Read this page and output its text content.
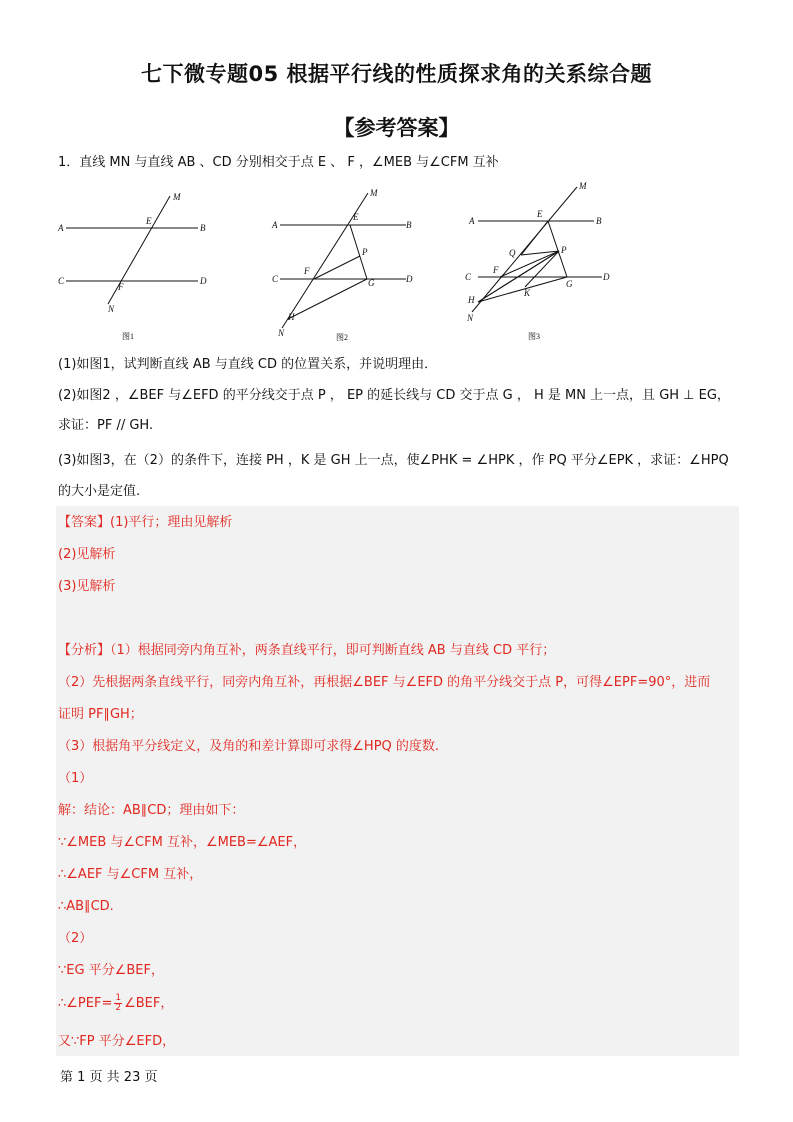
七下微专题05 根据平行线的性质探求角的关系综合题
【参考答案】
1．直线 MN 与直线 AB 、CD 分别相交于点 E 、 F ，∠MEB 与∠CFM 互补
A	B
C	D
E
F
M
N
图1
A	B
C	D
E
F
G
H
M
N
P
图2
A	B
C	D
E
F
G
H
K
M
N
P
Q
图3
(1)如图1，试判断直线 AB 与直线 CD 的位置关系，并说明理由．
(2)如图2 ，∠BEF 与∠EFD 的平分线交于点 P ， EP 的延长线与 CD 交于点 G ， H 是 MN 上一点，且 GH ⊥ EG，
求证：PF // GH.
(3)如图3，在（2）的条件下，连接 PH ，K 是 GH 上一点，使∠PHK = ∠HPK ，作 PQ 平分∠EPK ，求证：∠HPQ
的大小是定值.
【答案】(1)平行；理由见解析
(2)见解析
(3)见解析
【分析】（1）根据同旁内角互补，两条直线平行，即可判断直线 AB 与直线 CD 平行；
（2）先根据两条直线平行，同旁内角互补，再根据∠BEF 与∠EFD 的角平分线交于点 P，可得∠EPF=90°，进而
证明 PF∥GH；
（3）根据角平分线定义，及角的和差计算即可求得∠HPQ 的度数.
（1）
解：结论：AB∥CD；理由如下：
∵∠MEB 与∠CFM 互补，∠MEB=∠AEF，
∴∠AEF 与∠CFM 互补，
∴AB∥CD.
（2）
∵EG 平分∠BEF，
∴∠PEF= $\frac{1}{2}$ ∠BEF，
又∵FP 平分∠EFD，
第 1 页 共 23 页
